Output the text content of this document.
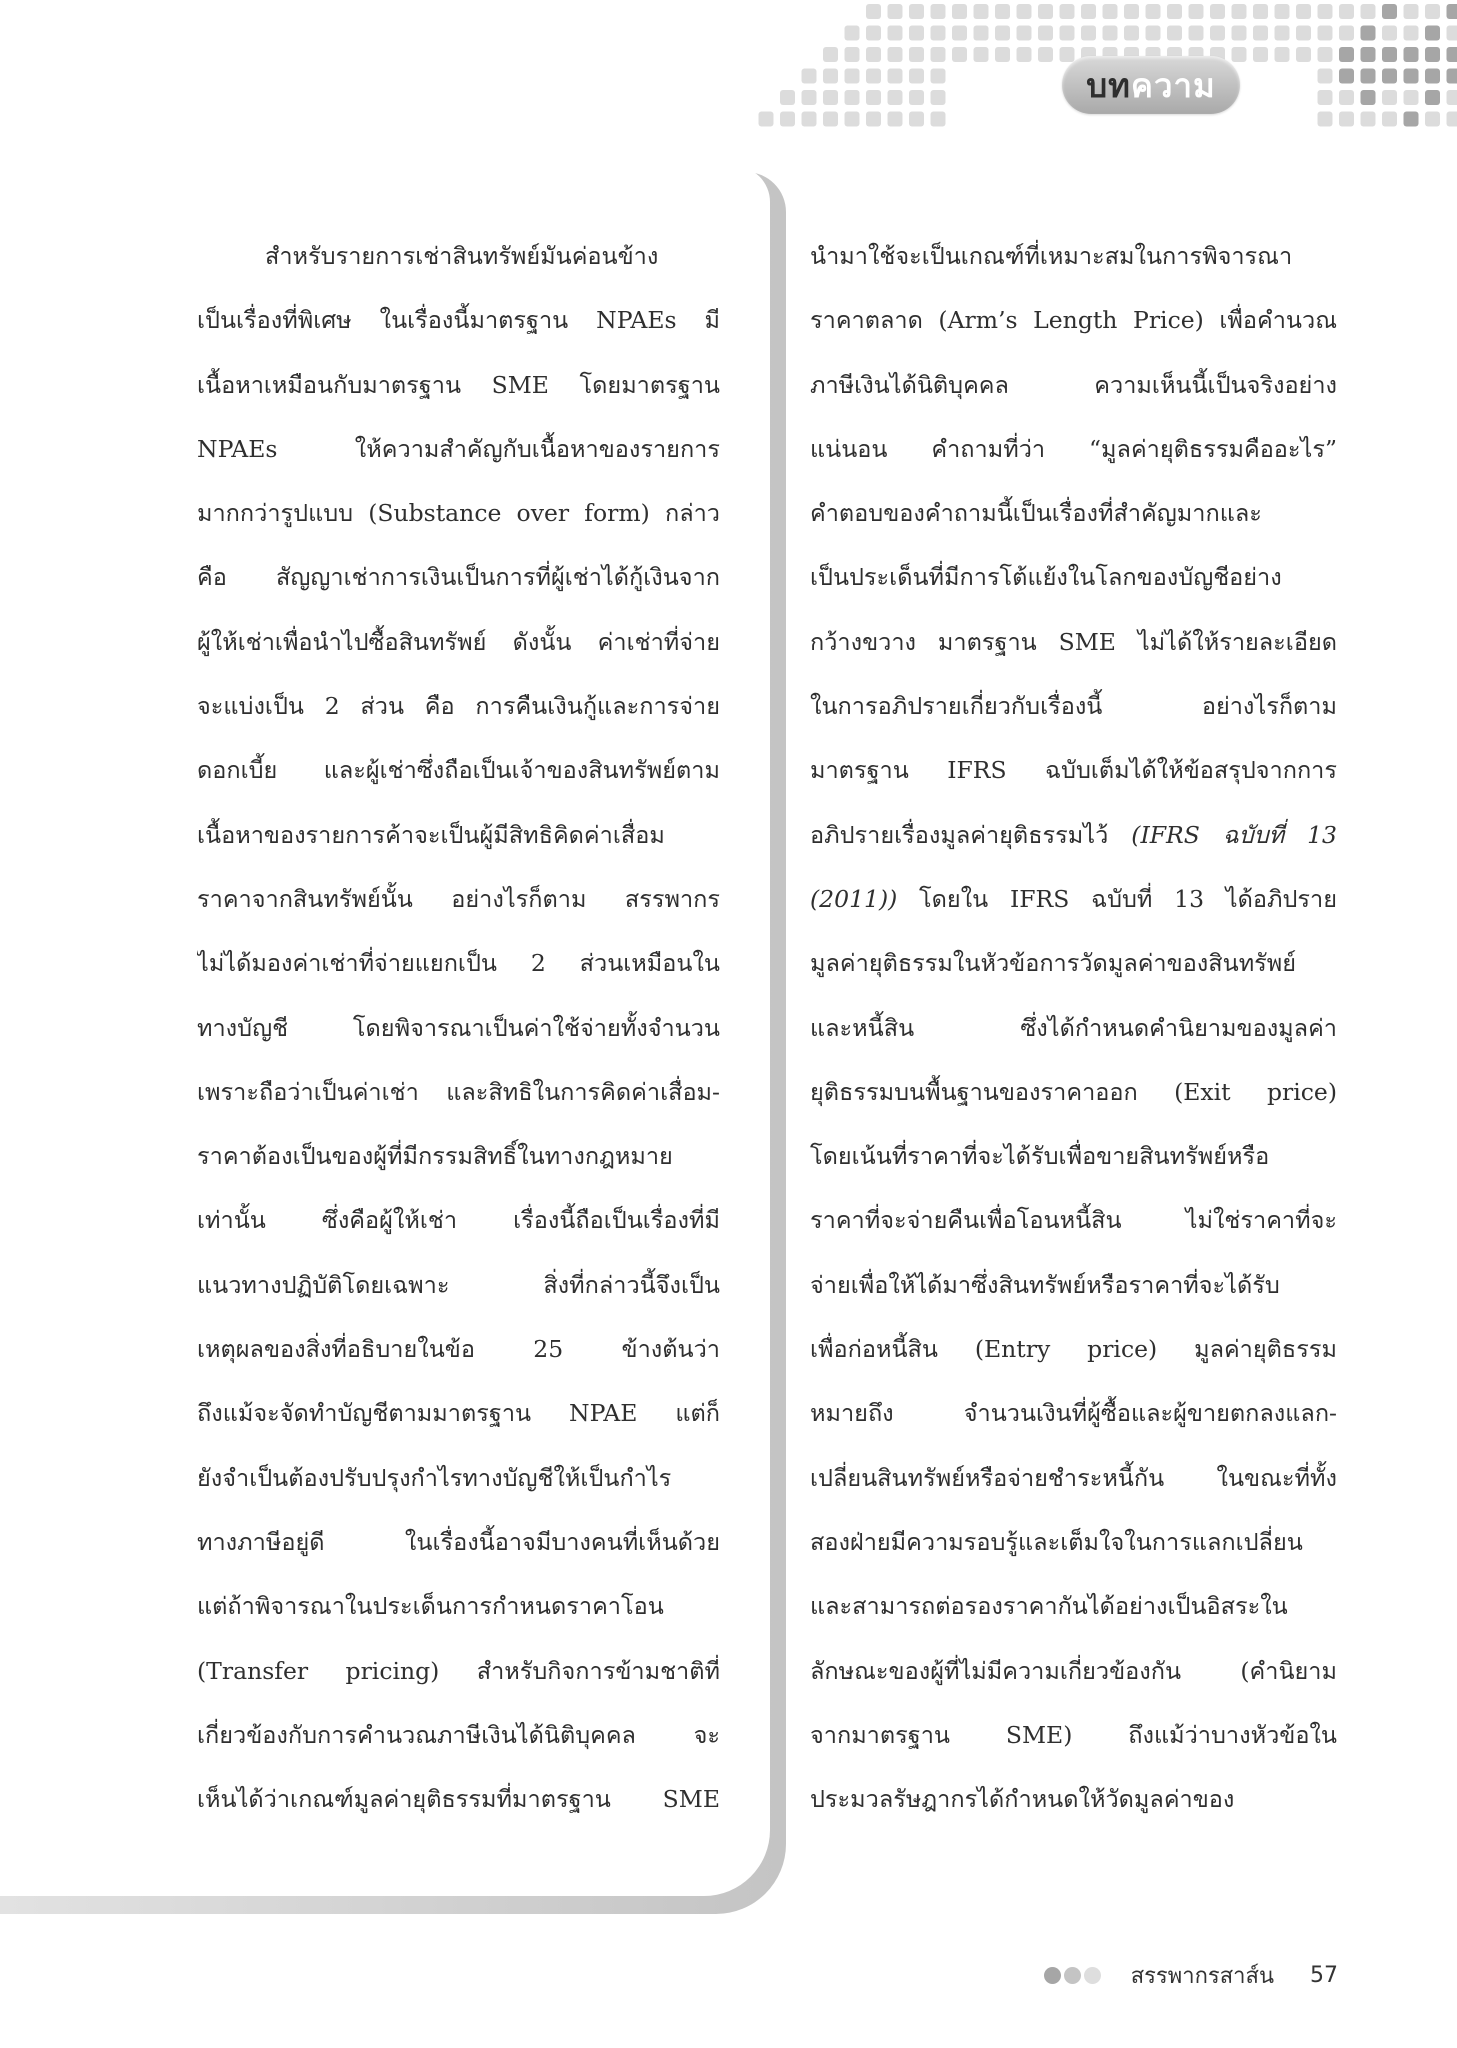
บท ความ
สำหรับรายการเช่าสินทรัพย์มันค่อนข้าง
เป็นเรื่องที่พิเศษ ในเรื่องนี้มาตรฐาน NPAEs มี
เนื้อหาเหมือนกับมาตรฐาน SME โดยมาตรฐาน
NPAEs ให้ความสำคัญกับเนื้อหาของรายการ
มากกว่ารูปแบบ (Substance over form) กล่าว
คือ สัญญาเช่าการเงินเป็นการที่ผู้เช่าได้กู้เงินจาก
ผู้ให้เช่าเพื่อนำไปซื้อสินทรัพย์ ดังนั้น ค่าเช่าที่จ่าย
จะแบ่งเป็น 2 ส่วน คือ การคืนเงินกู้และการจ่าย
ดอกเบี้ย และผู้เช่าซึ่งถือเป็นเจ้าของสินทรัพย์ตาม
เนื้อหาของรายการค้าจะเป็นผู้มีสิทธิคิดค่าเสื่อม
ราคาจากสินทรัพย์นั้น อย่างไรก็ตาม สรรพากร
ไม่ได้มองค่าเช่าที่จ่ายแยกเป็น 2 ส่วนเหมือนใน
ทางบัญชี โดยพิจารณาเป็นค่าใช้จ่ายทั้งจำนวน
เพราะถือว่าเป็นค่าเช่า และสิทธิในการคิดค่าเสื่อม-
ราคาต้องเป็นของผู้ที่มีกรรมสิทธิ์ในทางกฎหมาย
เท่านั้น ซึ่งคือผู้ให้เช่า เรื่องนี้ถือเป็นเรื่องที่มี
แนวทางปฏิบัติโดยเฉพาะ สิ่งที่กล่าวนี้จึงเป็น
เหตุผลของสิ่งที่อธิบายในข้อ 25 ข้างต้นว่า
ถึงแม้จะจัดทำบัญชีตามมาตรฐาน NPAE แต่ก็
ยังจำเป็นต้องปรับปรุงกำไรทางบัญชีให้เป็นกำไร
ทางภาษีอยู่ดี ในเรื่องนี้อาจมีบางคนที่เห็นด้วย
แต่ถ้าพิจารณาในประเด็นการกำหนดราคาโอน
(Transfer pricing) สำหรับกิจการข้ามชาติที่
เกี่ยวข้องกับการคำนวณภาษีเงินได้นิติบุคคล จะ
เห็นได้ว่าเกณฑ์มูลค่ายุติธรรมที่มาตรฐาน SME
นำมาใช้จะเป็นเกณฑ์ที่เหมาะสมในการพิจารณา
ราคาตลาด (Arm’s Length Price) เพื่อคำนวณ
ภาษีเงินได้นิติบุคคล ความเห็นนี้เป็นจริงอย่าง
แน่นอน คำถามที่ว่า “มูลค่ายุติธรรมคืออะไร”
คำตอบของคำถามนี้เป็นเรื่องที่สำคัญมากและ
เป็นประเด็นที่มีการโต้แย้งในโลกของบัญชีอย่าง
กว้างขวาง มาตรฐาน SME ไม่ได้ให้รายละเอียด
ในการอภิปรายเกี่ยวกับเรื่องนี้ อย่างไรก็ตาม
มาตรฐาน IFRS ฉบับเต็มได้ให้ข้อสรุปจากการ
อภิปรายเรื่องมูลค่ายุติธรรมไว้ (IFRS ฉบับที่ 13
(2011)) โดยใน IFRS ฉบับที่ 13 ได้อภิปราย
มูลค่ายุติธรรมในหัวข้อการวัดมูลค่าของสินทรัพย์
และหนี้สิน ซึ่งได้กำหนดคำนิยามของมูลค่า
ยุติธรรมบนพื้นฐานของราคาออก (Exit price)
โดยเน้นที่ราคาที่จะได้รับเพื่อขายสินทรัพย์หรือ
ราคาที่จะจ่ายคืนเพื่อโอนหนี้สิน ไม่ใช่ราคาที่จะ
จ่ายเพื่อให้ได้มาซึ่งสินทรัพย์หรือราคาที่จะได้รับ
เพื่อก่อหนี้สิน (Entry price) มูลค่ายุติธรรม
หมายถึง จำนวนเงินที่ผู้ซื้อและผู้ขายตกลงแลก-
เปลี่ยนสินทรัพย์หรือจ่ายชำระหนี้กัน ในขณะที่ทั้ง
สองฝ่ายมีความรอบรู้และเต็มใจในการแลกเปลี่ยน
และสามารถต่อรองราคากันได้อย่างเป็นอิสระใน
ลักษณะของผู้ที่ไม่มีความเกี่ยวข้องกัน (คำนิยาม
จากมาตรฐาน SME) ถึงแม้ว่าบางหัวข้อใน
ประมวลรัษฎากรได้กำหนดให้วัดมูลค่าของ
สรรพากรสาส์น 57
